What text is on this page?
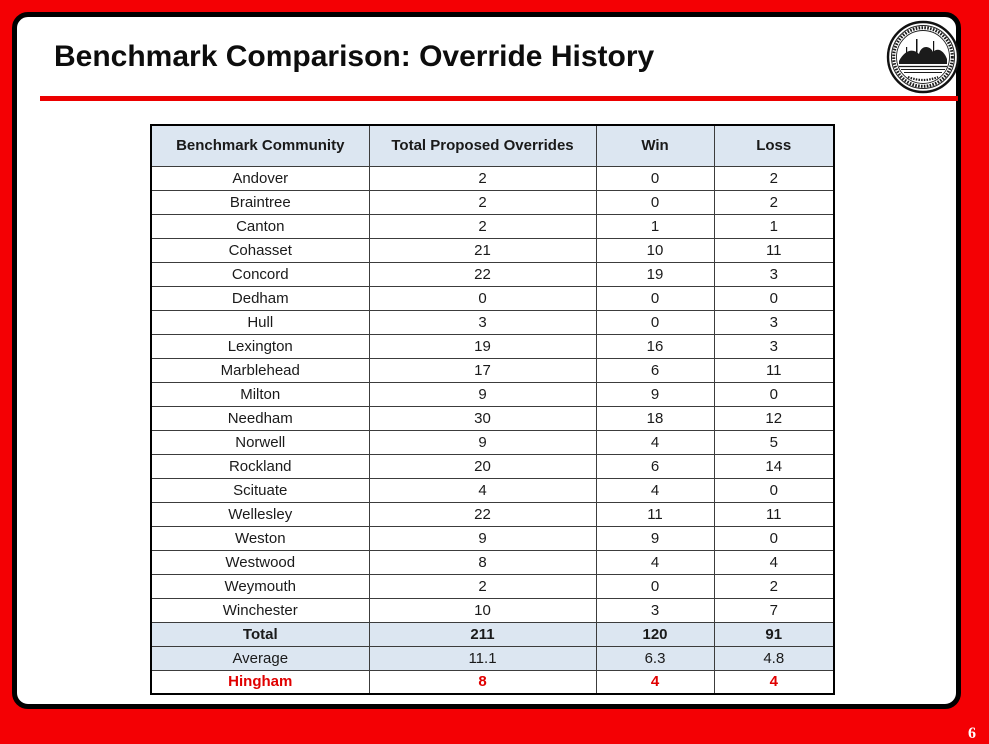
Benchmark Comparison: Override History
Benchmark Community	Total Proposed Overrides	Win	Loss
Andover	2	0	2
Braintree	2	0	2
Canton	2	1	1
Cohasset	21	10	11
Concord	22	19	3
Dedham	0	0	0
Hull	3	0	3
Lexington	19	16	3
Marblehead	17	6	11
Milton	9	9	0
Needham	30	18	12
Norwell	9	4	5
Rockland	20	6	14
Scituate	4	4	0
Wellesley	22	11	11
Weston	9	9	0
Westwood	8	4	4
Weymouth	2	0	2
Winchester	10	3	7
Total	211	120	91
Average	11.1	6.3	4.8
Hingham	8	4	4
6
